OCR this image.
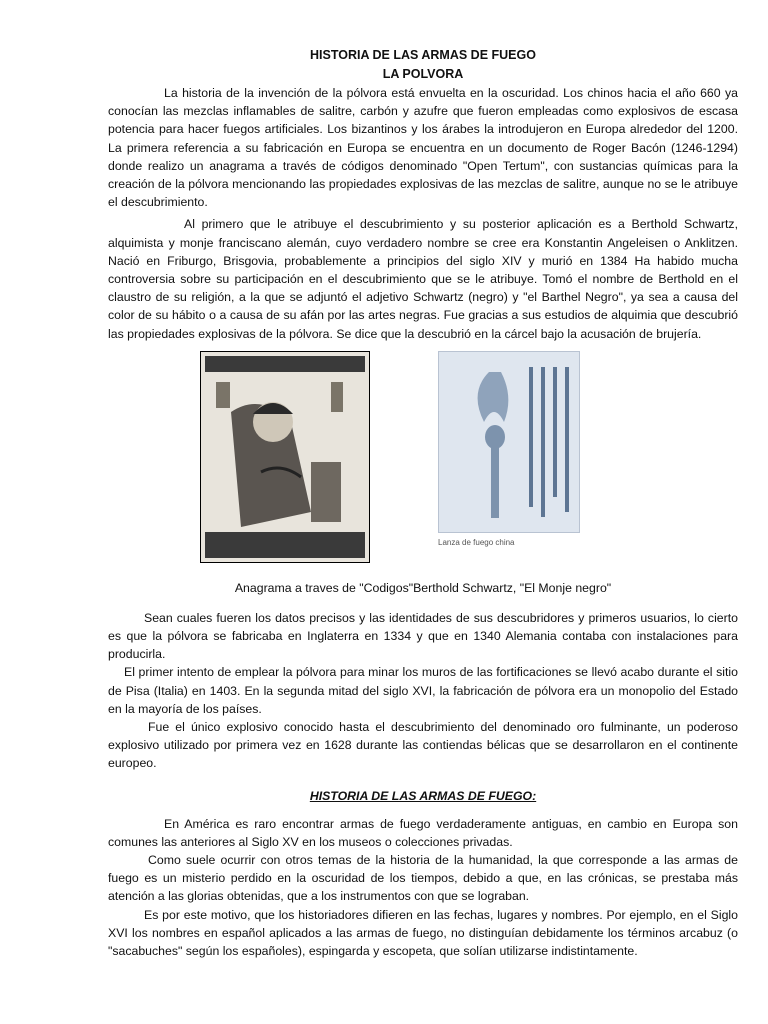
HISTORIA DE LAS ARMAS DE FUEGO
LA POLVORA

La historia de la invención de la pólvora está envuelta en la oscuridad. Los chinos hacia el año 660 ya conocían las mezclas inflamables de salitre, carbón y azufre que fueron empleadas como explosivos de escasa potencia para hacer fuegos artificiales. Los bizantinos y los árabes la introdujeron en Europa alrededor del 1200. La primera referencia a su fabricación en Europa se encuentra en un documento de Roger Bacón (1246-1294) donde realizo un anagrama a través de códigos denominado "Open Tertum", con sustancias químicas para la creación de la pólvora mencionando las propiedades explosivas de las mezclas de salitre, aunque no se le atribuye el descubrimiento.

Al primero que le atribuye el descubrimiento y su posterior aplicación es a Berthold Schwartz, alquimista y monje franciscano alemán, cuyo verdadero nombre se cree era Konstantin Angeleisen o Anklitzen. Nació en Friburgo, Brisgovia, probablemente a principios del siglo XIV y murió en 1384 Ha habido mucha controversia sobre su participación en el descubrimiento que se le atribuye. Tomó el nombre de Berthold en el claustro de su religión, a la que se adjuntó el adjetivo Schwartz (negro) y "el Barthel Negro", ya sea a causa del color de su hábito o a causa de su afán por las artes negras. Fue gracias a sus estudios de alquimia que descubrió las propiedades explosivas de la pólvora. Se dice que la descubrió en la cárcel bajo la acusación de brujería.

Lanza de fuego china
Anagrama a traves de "Codigos"Berthold Schwartz, "El Monje negro"

Sean cuales fueren los datos precisos y las identidades de sus descubridores y primeros usuarios, lo cierto es que la pólvora se fabricaba en Inglaterra en 1334 y que en 1340 Alemania contaba con instalaciones para producirla.

El primer intento de emplear la pólvora para minar los muros de las fortificaciones se llevó acabo durante el sitio de Pisa (Italia) en 1403. En la segunda mitad del siglo XVI, la fabricación de pólvora era un monopolio del Estado en la mayoría de los países.

Fue el único explosivo conocido hasta el descubrimiento del denominado oro fulminante, un poderoso explosivo utilizado por primera vez en 1628 durante las contiendas bélicas que se desarrollaron en el continente europeo.

HISTORIA DE LAS ARMAS DE FUEGO:

En América es raro encontrar armas de fuego verdaderamente antiguas, en cambio en Europa son comunes las anteriores al Siglo XV en los museos o colecciones privadas.

Como suele ocurrir con otros temas de la historia de la humanidad, la que corresponde a las armas de fuego es un misterio perdido en la oscuridad de los tiempos, debido a que, en las crónicas, se prestaba más atención a las glorias obtenidas, que a los instrumentos con que se lograban.

Es por este motivo, que los historiadores difieren en las fechas, lugares y nombres. Por ejemplo, en el Siglo XVI los nombres en español aplicados a las armas de fuego, no distinguían debidamente los términos arcabuz (o "sacabuches" según los españoles), espingarda y escopeta, que solían utilizarse indistintamente.
